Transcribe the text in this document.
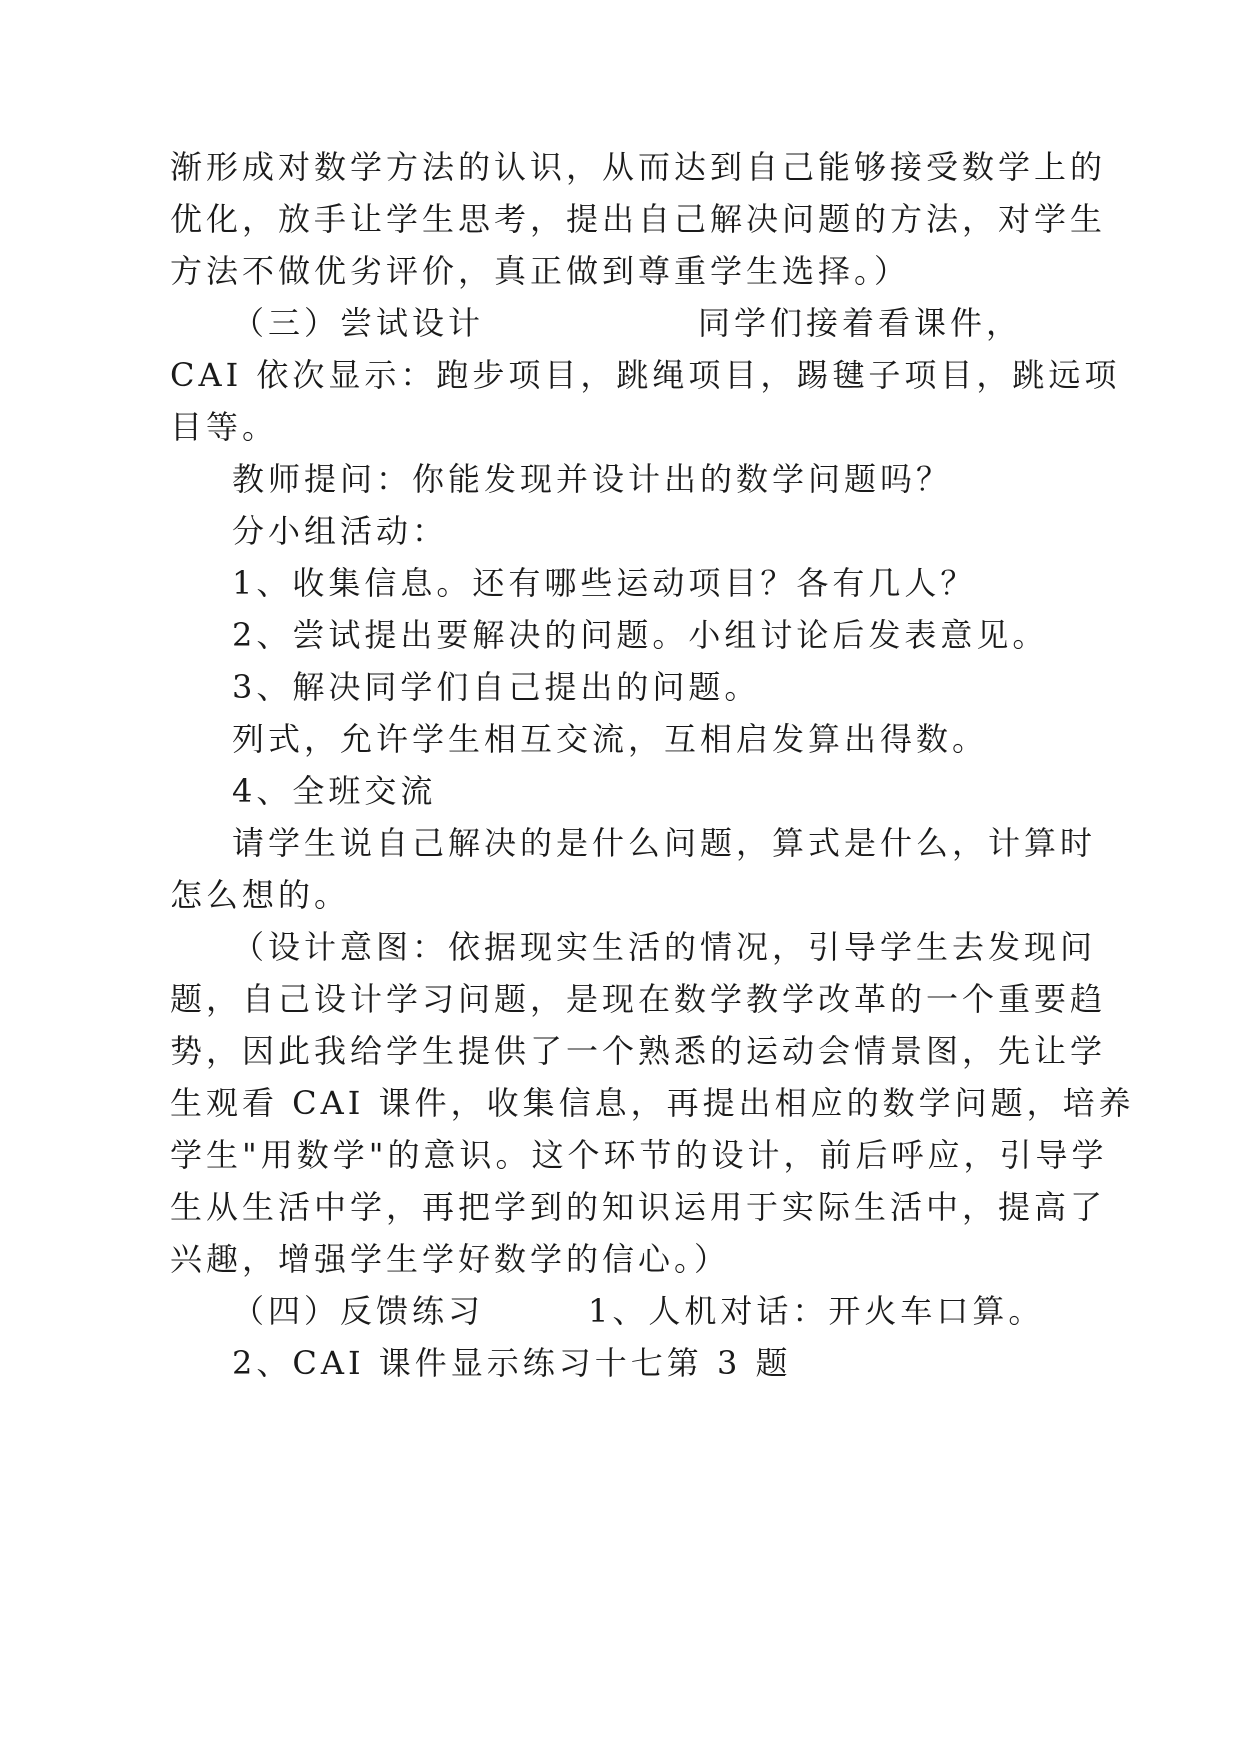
渐形成对数学方法的认识，从而达到自己能够接受数学上的
优化，放手让学生思考，提出自己解决问题的方法，对学生
方法不做优劣评价，真正做到尊重学生选择。）
（三）尝试设计	同学们接着看课件，
CAI 依次显示：跑步项目，跳绳项目，踢毽子项目，跳远项
目等。
教师提问：你能发现并设计出的数学问题吗？
分小组活动：
1、收集信息。还有哪些运动项目？各有几人？
2、尝试提出要解决的问题。小组讨论后发表意见。
3、解决同学们自己提出的问题。
列式，允许学生相互交流，互相启发算出得数。
4、全班交流
请学生说自己解决的是什么问题，算式是什么，计算时
怎么想的。
（设计意图：依据现实生活的情况，引导学生去发现问
题，自己设计学习问题，是现在数学教学改革的一个重要趋
势，因此我给学生提供了一个熟悉的运动会情景图，先让学
生观看 CAI 课件，收集信息，再提出相应的数学问题，培养
学生"用数学"的意识。这个环节的设计，前后呼应，引导学
生从生活中学，再把学到的知识运用于实际生活中，提高了
兴趣，增强学生学好数学的信心。）
（四）反馈练习	1、人机对话：开火车口算。
2、CAI 课件显示练习十七第 3 题
